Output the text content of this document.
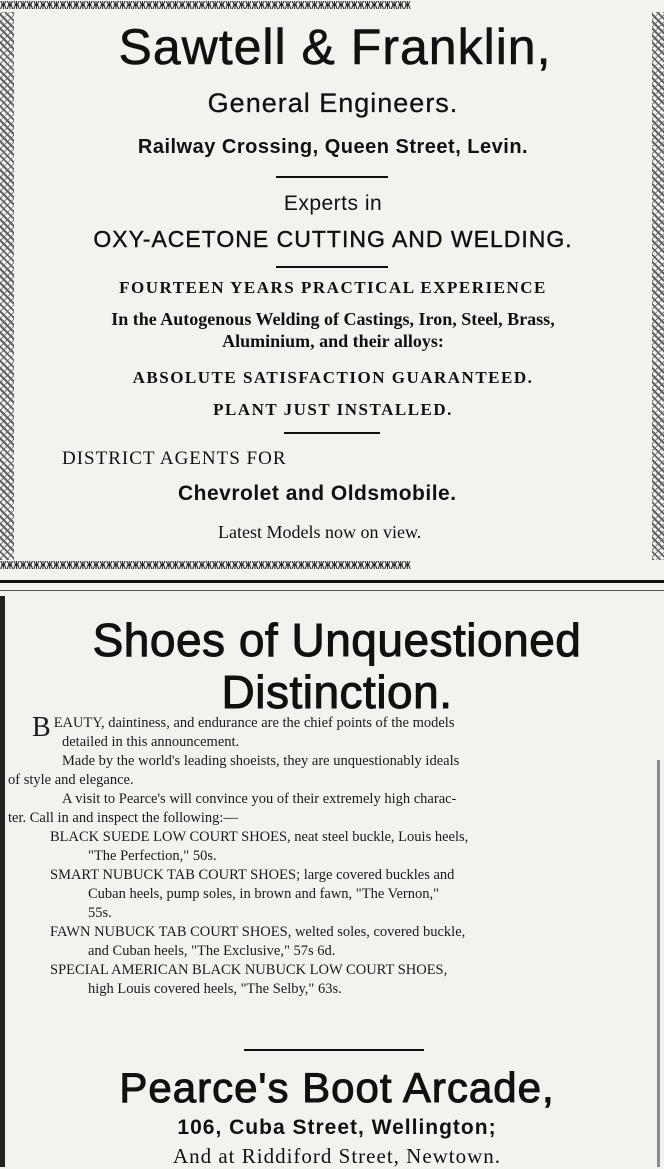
ЖЖЖЖЖЖЖЖЖЖЖЖЖЖЖЖЖЖЖЖЖЖЖЖЖЖЖЖЖЖЖЖЖЖЖЖЖЖЖЖЖЖЖЖЖЖЖЖЖЖЖЖЖЖЖЖЖЖЖЖЖЖ
ЖЖЖЖЖЖЖЖЖЖЖЖЖЖЖЖЖЖЖЖЖЖЖЖЖЖЖЖЖЖЖЖЖЖЖЖЖЖЖЖЖЖЖЖЖЖЖЖЖЖЖЖЖЖЖЖЖЖЖЖЖЖ
Sawtell & Franklin,
General Engineers.
Railway Crossing, Queen Street, Levin.
Experts in
OXY-ACETONE CUTTING AND WELDING.
FOURTEEN YEARS PRACTICAL EXPERIENCE
In the Autogenous Welding of Castings, Iron, Steel, Brass,
Aluminium, and their alloys:
ABSOLUTE SATISFACTION GUARANTEED.
PLANT JUST INSTALLED.
DISTRICT AGENTS FOR
Chevrolet and Oldsmobile.
Latest Models now on view.
Shoes of Unquestioned
Distinction.

BEAUTY, daintiness, and endurance are the chief points of the models

detailed in this announcement.

Made by the world's leading shoeists, they are unquestionably ideals

of style and elegance.

A visit to Pearce's will convince you of their extremely high charac-

ter. Call in and inspect the following:—

BLACK SUEDE LOW COURT SHOES, neat steel buckle, Louis heels,

"The Perfection," 50s.

SMART NUBUCK TAB COURT SHOES; large covered buckles and

Cuban heels, pump soles, in brown and fawn, "The Vernon,"

55s.

FAWN NUBUCK TAB COURT SHOES, welted soles, covered buckle,

and Cuban heels, "The Exclusive," 57s 6d.

SPECIAL AMERICAN BLACK NUBUCK LOW COURT SHOES,

high Louis covered heels, "The Selby," 63s.

Pearce's Boot Arcade,
106, Cuba Street, Wellington;
And at Riddiford Street, Newtown.
